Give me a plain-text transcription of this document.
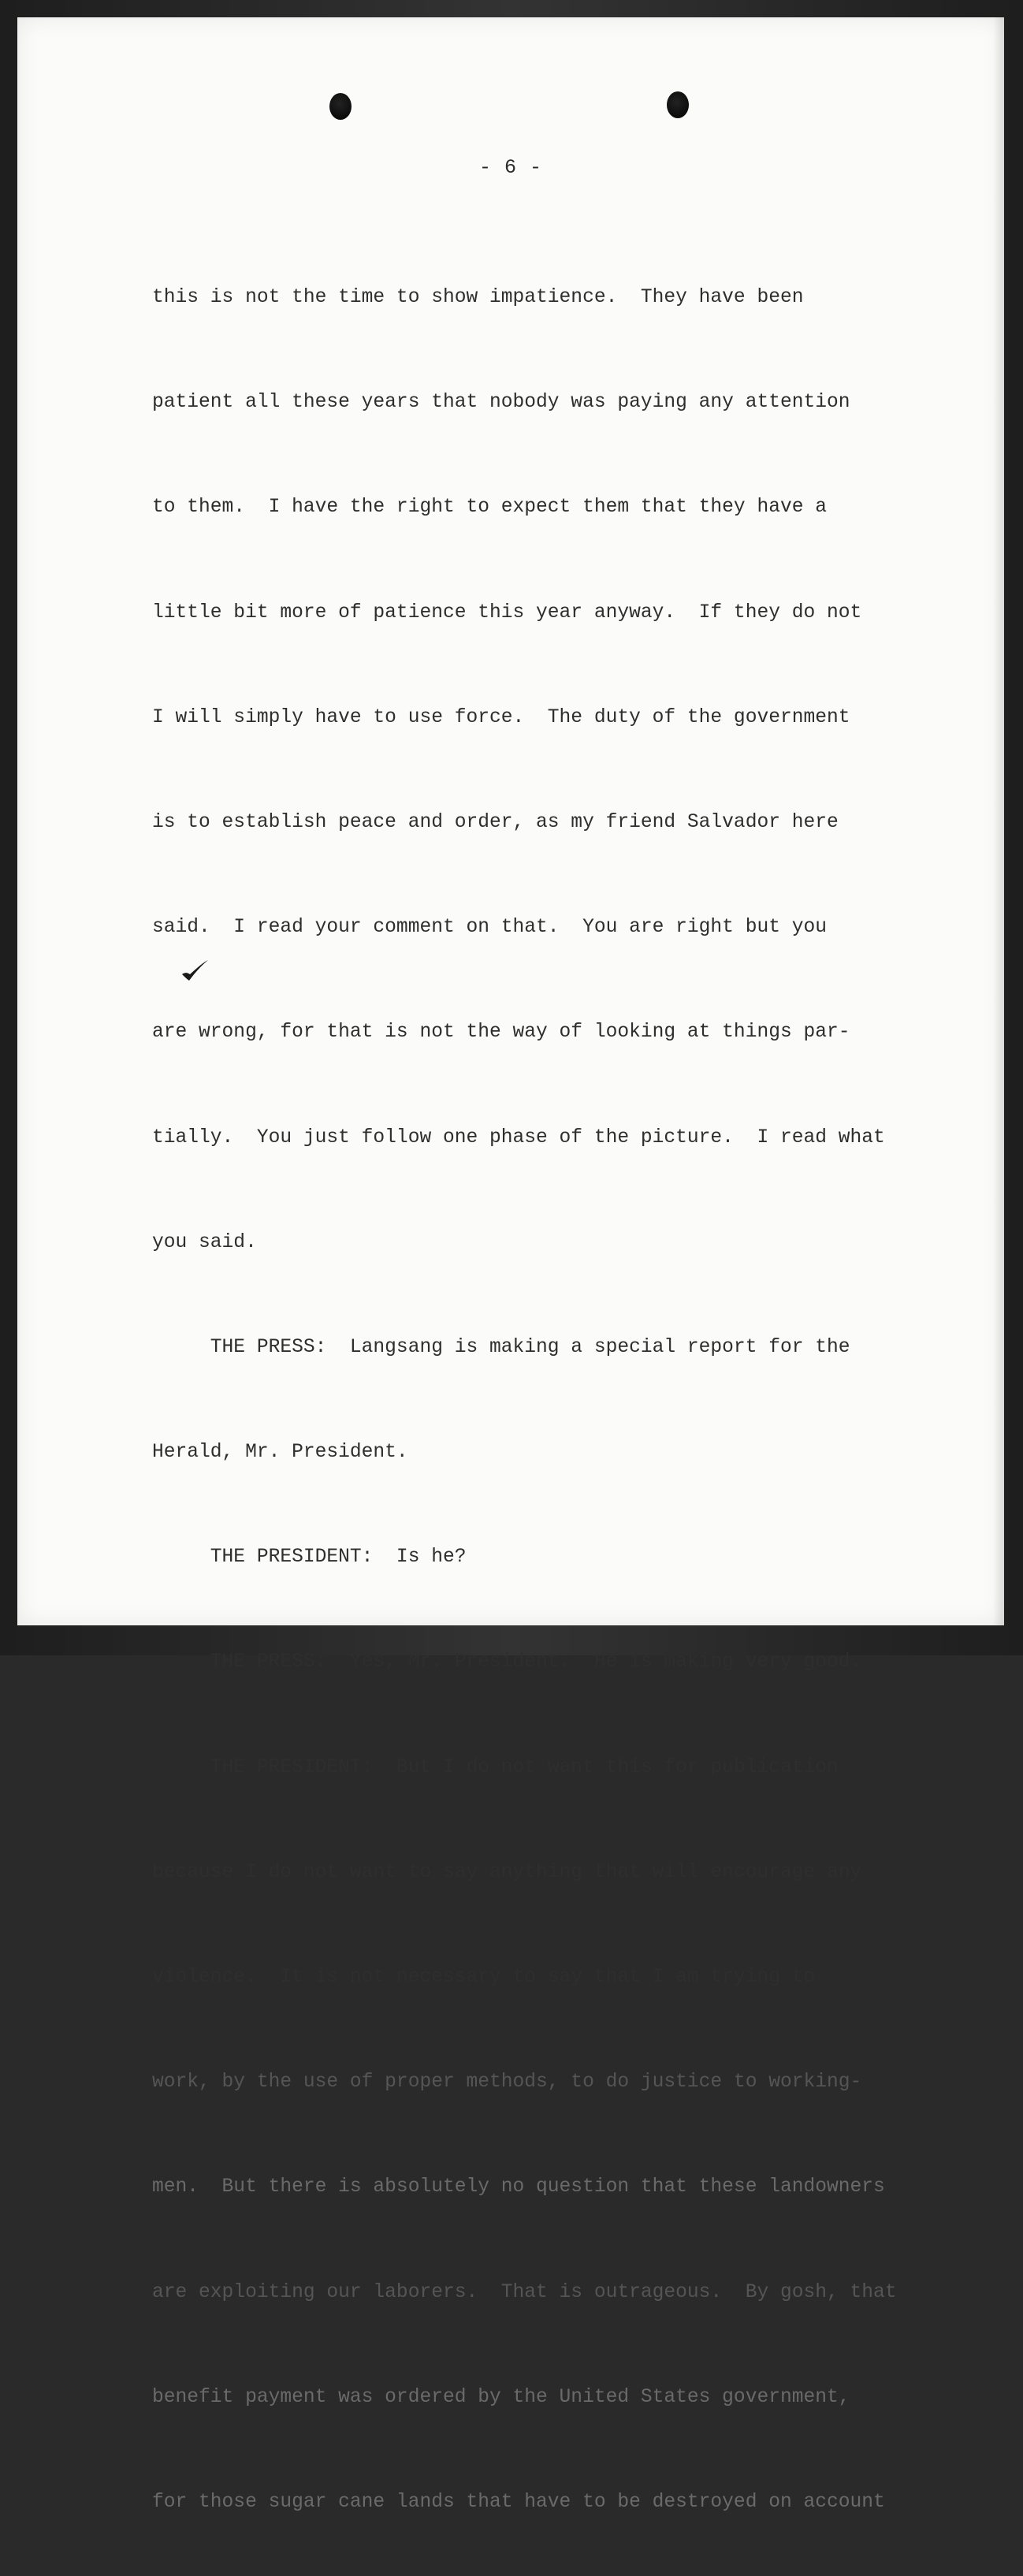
- 6 -

this is not the time to show impatience.  They have been

patient all these years that nobody was paying any attention

to them.  I have the right to expect them that they have a

little bit more of patience this year anyway.  If they do not

I will simply have to use force.  The duty of the government

is to establish peace and order, as my friend Salvador here

said.  I read your comment on that.  You are right but you

are wrong, for that is not the way of looking at things par-

tially.  You just follow one phase of the picture.  I read what

you said.

THE PRESS:  Langsang is making a special report for the

Herald, Mr. President.

THE PRESIDENT:  Is he?

THE PRESS:  Yes, Mr. President.  He is making very good.

THE PRESIDENT:  But I do not want this for publication

because I do not want to say anything that will encourage any

violence.  It is not necessary to say that I am trying to

work, by the use of proper methods, to do justice to working-

men.  But there is absolutely no question that these landowners

are exploiting our laborers.  That is outrageous.  By gosh, that

benefit payment was ordered by the United States government,

for those sugar cane lands that have to be destroyed on account
